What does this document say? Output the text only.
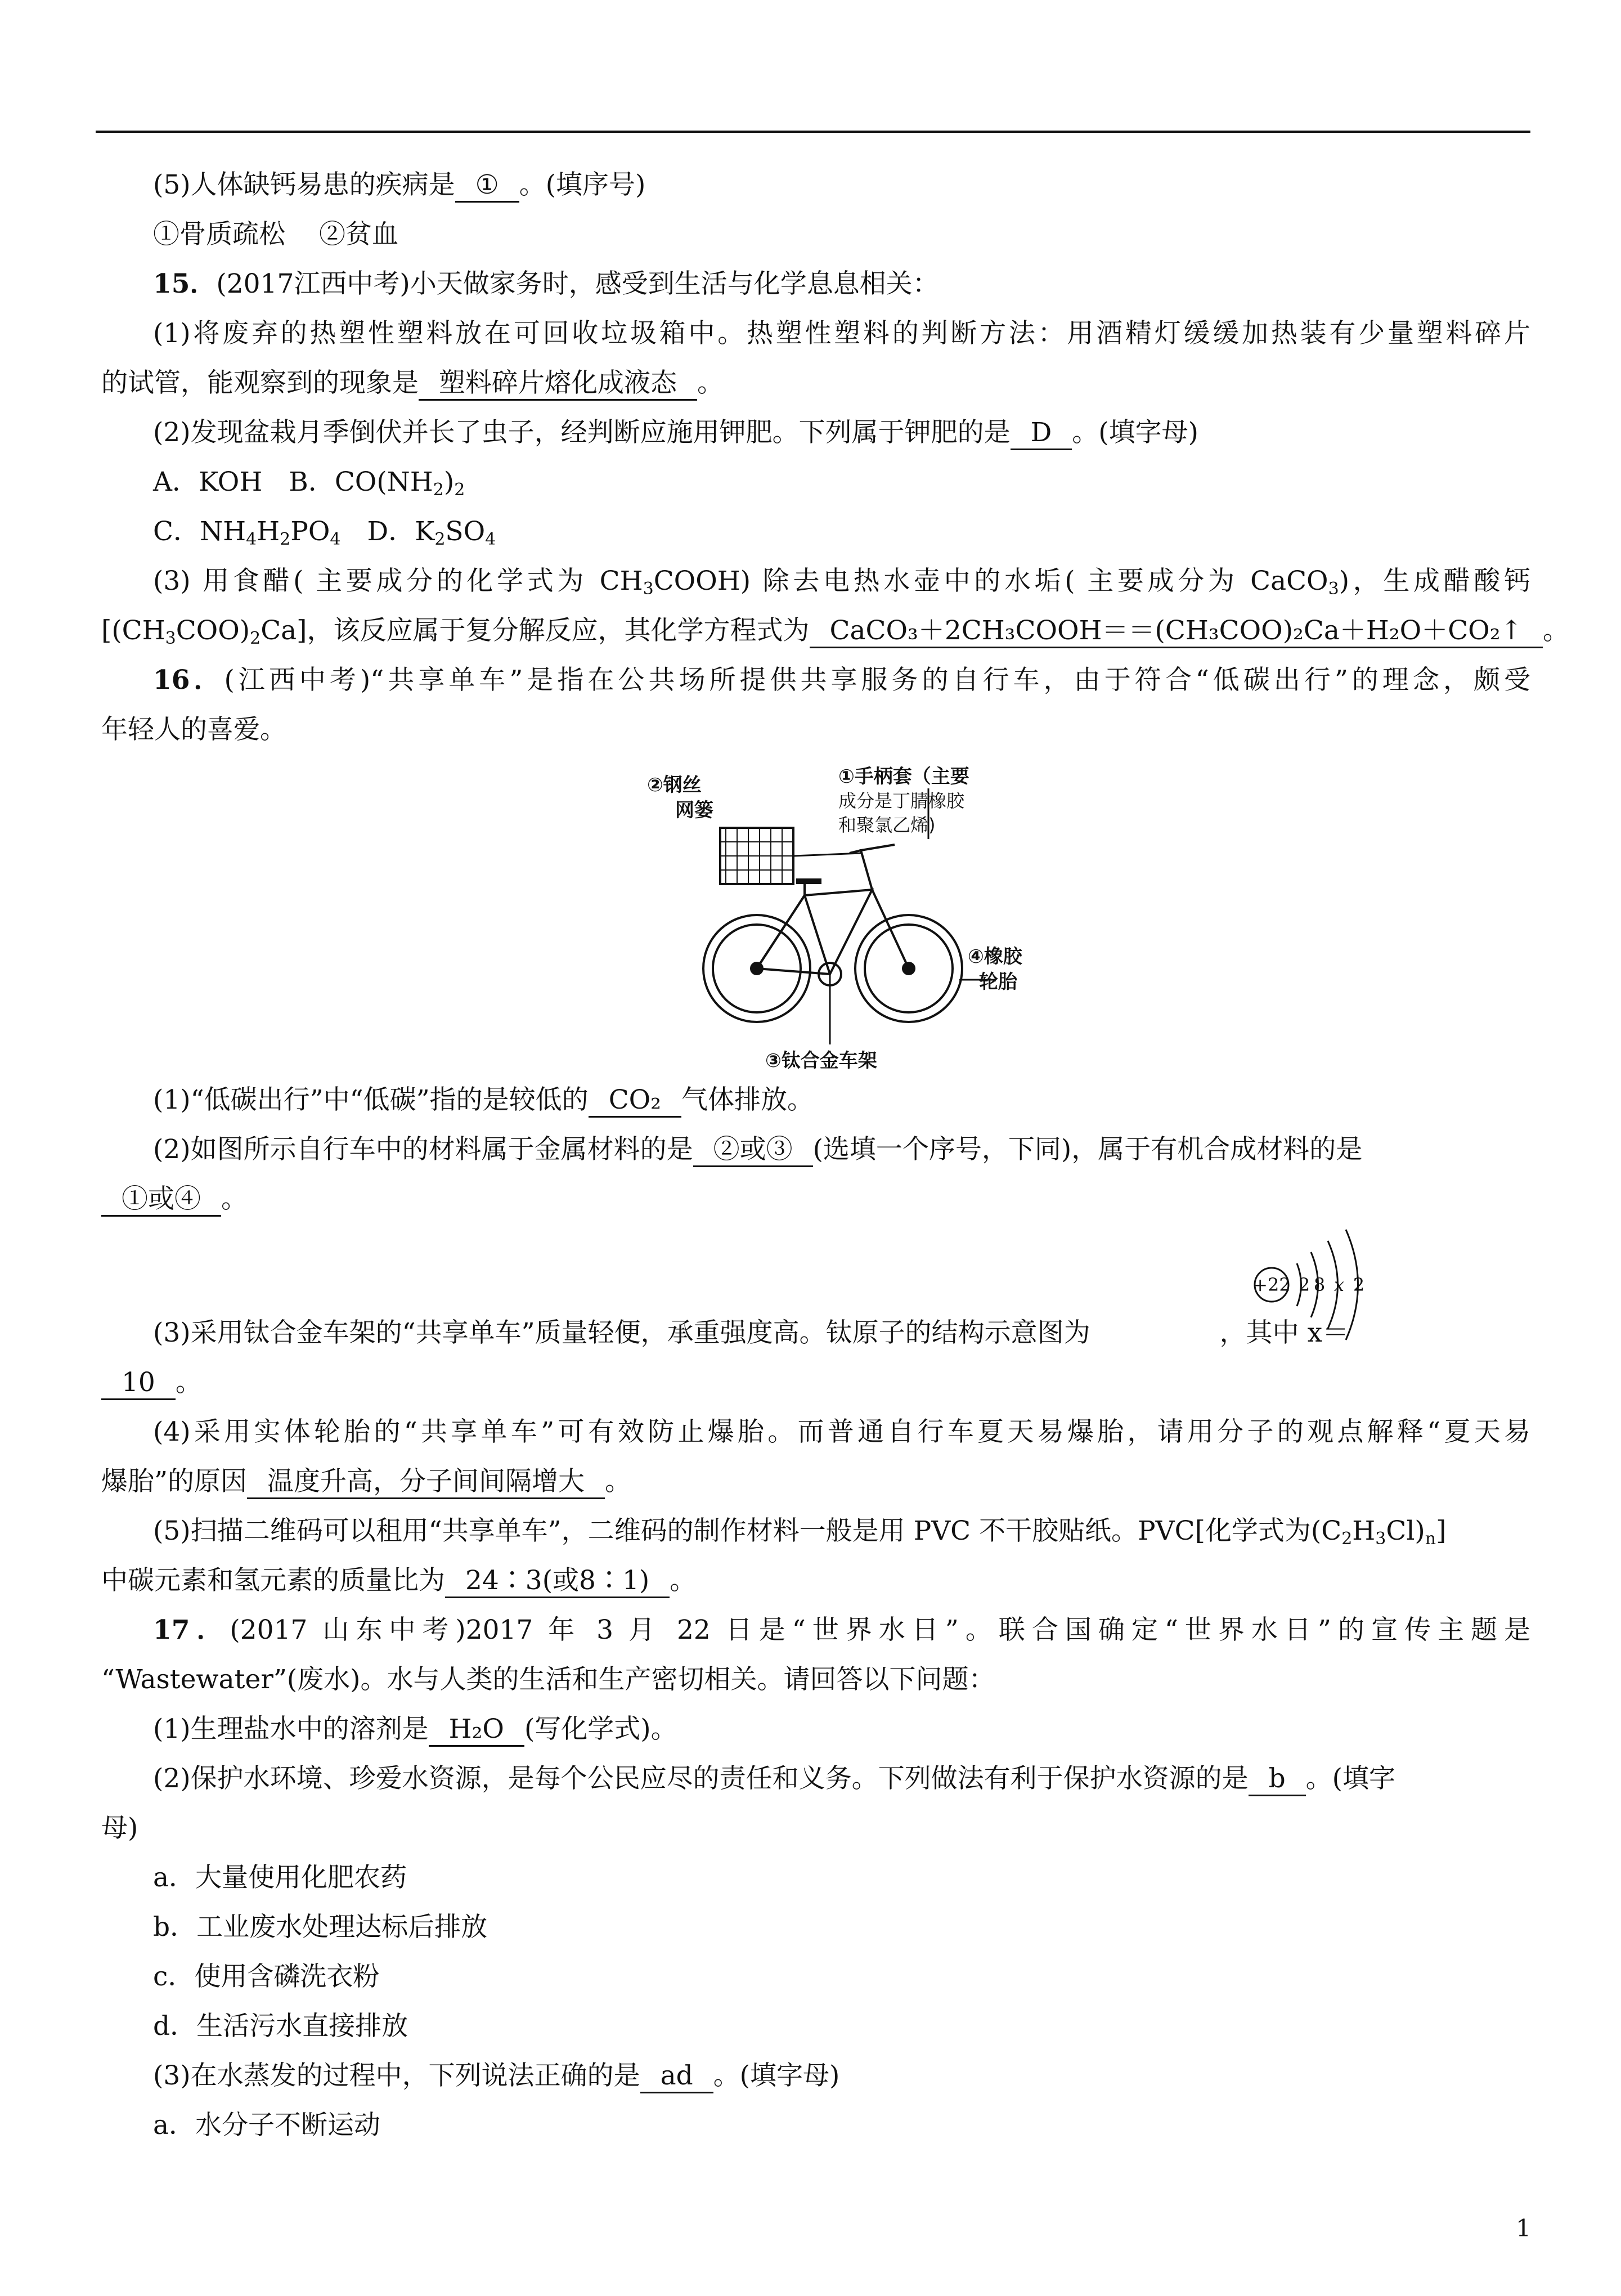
(5)人体缺钙易患的疾病是 ① 。(填序号)
①骨质疏松 ②贫血
15．(2017江西中考)小天做家务时，感受到生活与化学息息相关：
(1)将废弃的热塑性塑料放在可回收垃圾箱中。热塑性塑料的判断方法：用酒精灯缓缓加热装有少量塑料碎片
的试管，能观察到的现象是 塑料碎片熔化成液态 。
(2)发现盆栽月季倒伏并长了虫子，经判断应施用钾肥。下列属于钾肥的是 D 。(填字母)
A．KOH　B．$CO(NH_2)_2$
C．$NH_4H_2PO_4$　D．$K_2SO_4$
(3) 用食醋( 主要成分的化学式为 $CH_3COOH$) 除去电热水壶中的水垢( 主要成分为 CaCO$_3$)，生成醋酸钙
$[(CH_3COO)_2Ca]$，该反应属于复分解反应，其化学方程式为 CaCO₃＋2CH₃COOH＝＝(CH₃COO)₂Ca＋H₂O＋CO₂↑ 。
16．(江西中考)“共享单车”是指在公共场所提供共享服务的自行车，由于符合“低碳出行”的理念，颇受
年轻人的喜爱。
②钢丝
网篓
①手柄套（主要
④橡胶
轮胎
③钛合金车架
成分是丁腈橡胶
和聚氯乙烯)
(1)“低碳出行”中“低碳”指的是较低的 CO₂ 气体排放。
(2)如图所示自行车中的材料属于金属材料的是 ②或③ (选填一个序号，下同)，属于有机合成材料的是
①或④ 。
+22 2 8 x 2
(3)采用钛合金车架的“共享单车”质量轻便，承重强度高。钛原子的结构示意图为	，其中 x＝
10 。
(4)采用实体轮胎的“共享单车”可有效防止爆胎。而普通自行车夏天易爆胎，请用分子的观点解释“夏天易
爆胎”的原因 温度升高，分子间间隔增大 。
(5)扫描二维码可以租用“共享单车”，二维码的制作材料一般是用 PVC 不干胶贴纸。PVC[化学式为$(C_2H_3Cl)_n$]
中碳元素和氢元素的质量比为 24∶3(或8∶1) 。
17．(2017 山东中考)2017 年 3 月 22 日是“世界水日”。联合国确定“世界水日”的宣传主题是
“Wastewater”(废水)。水与人类的生活和生产密切相关。请回答以下问题：
(1)生理盐水中的溶剂是 H₂O (写化学式)。
(2)保护水环境、珍爱水资源，是每个公民应尽的责任和义务。下列做法有利于保护水资源的是 b 。(填字
母)
a．大量使用化肥农药
b．工业废水处理达标后排放
c．使用含磷洗衣粉
d．生活污水直接排放
(3)在水蒸发的过程中，下列说法正确的是 ad 。(填字母)
a．水分子不断运动
1
